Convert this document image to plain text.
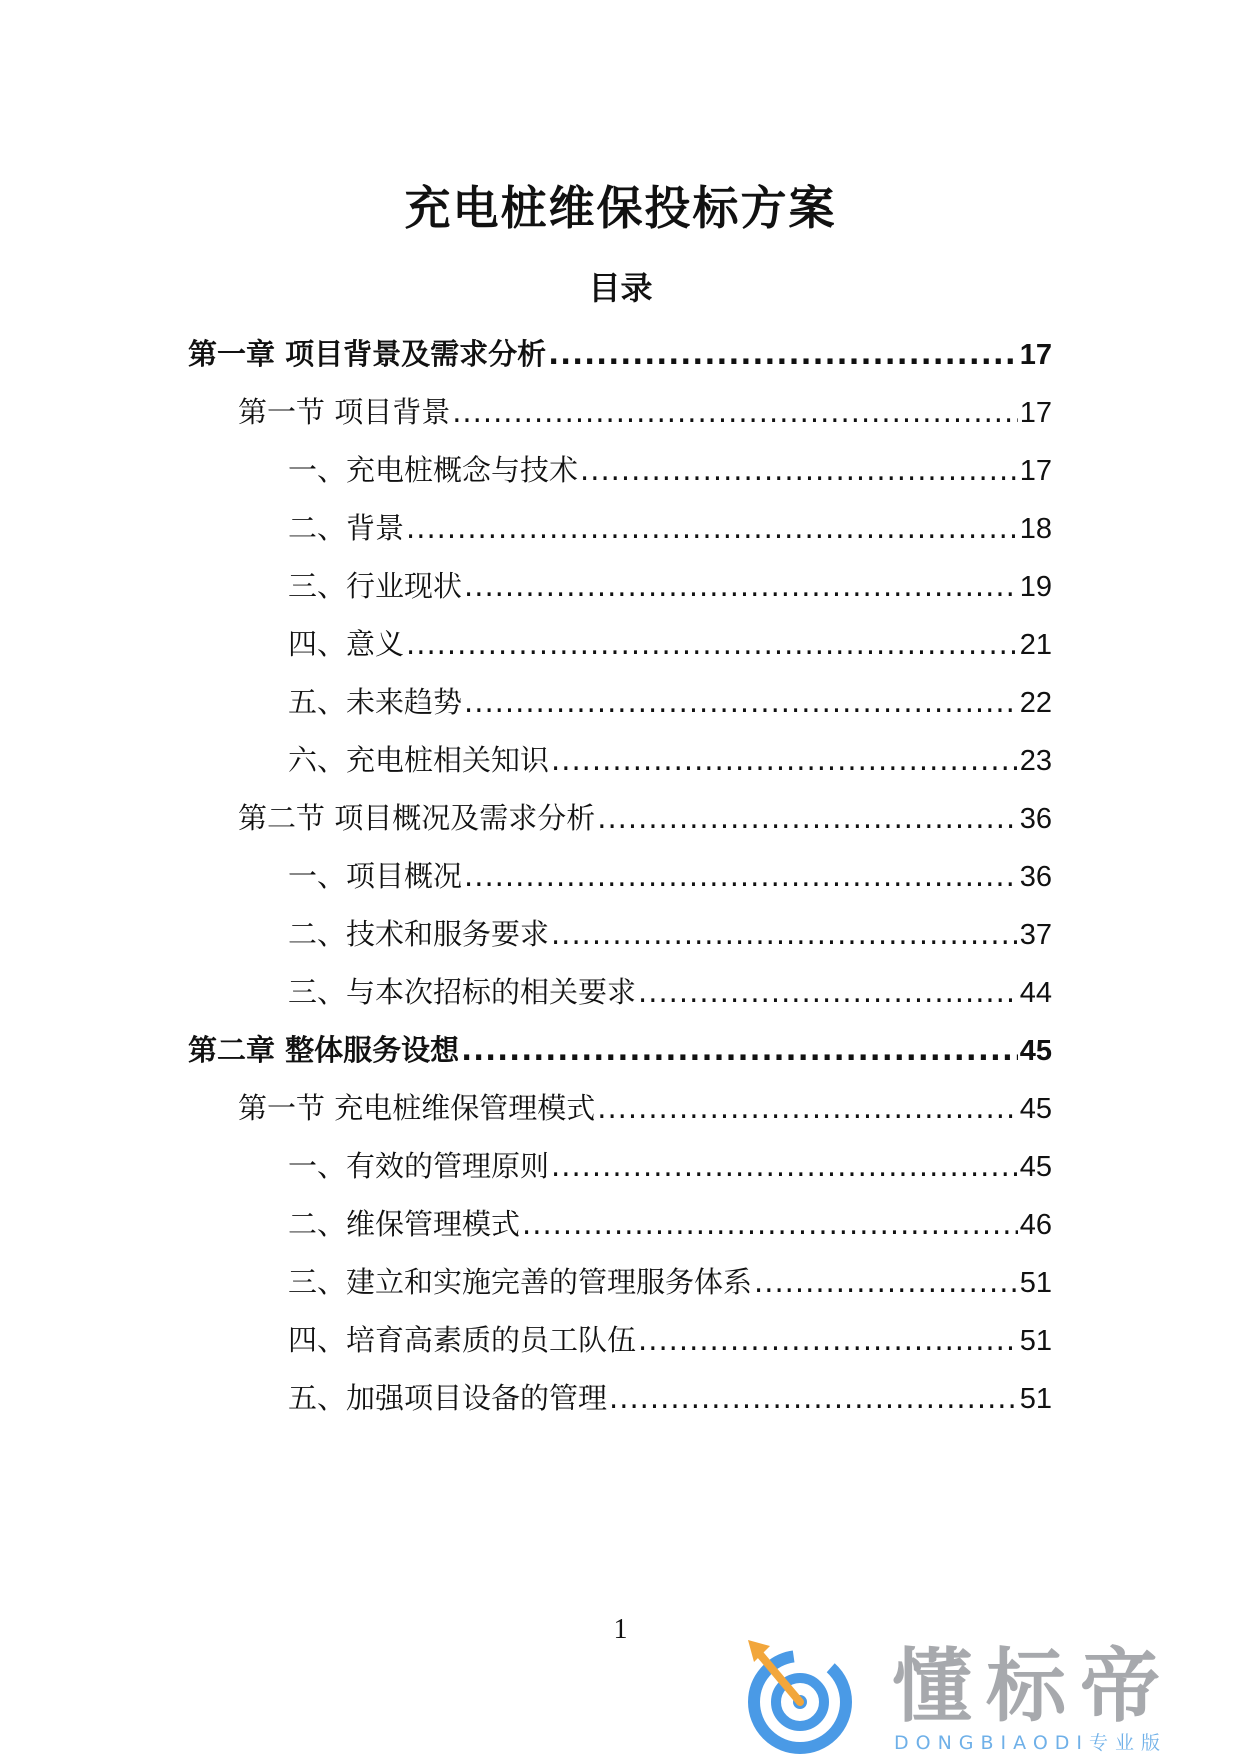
充电桩维保投标方案
目录
第一章 项目背景及需求分析 .....	17
第一节 项目背景 .....	17
一、充电桩概念与技术 .....	17
二、背景 .....	18
三、行业现状 .....	19
四、意义 .....	21
五、未来趋势 .....	22
六、充电桩相关知识 .....	23
第二节 项目概况及需求分析 .....	36
一、项目概况 .....	36
二、技术和服务要求 .....	37
三、与本次招标的相关要求 .....	44
第二章 整体服务设想 .....	45
第一节 充电桩维保管理模式 .....	45
一、有效的管理原则 .....	45
二、维保管理模式 .....	46
三、建立和实施完善的管理服务体系 .....	51
四、培育高素质的员工队伍 .....	51
五、加强项目设备的管理 .....	51
1
懂标帝
DONGBIAODI专业版
